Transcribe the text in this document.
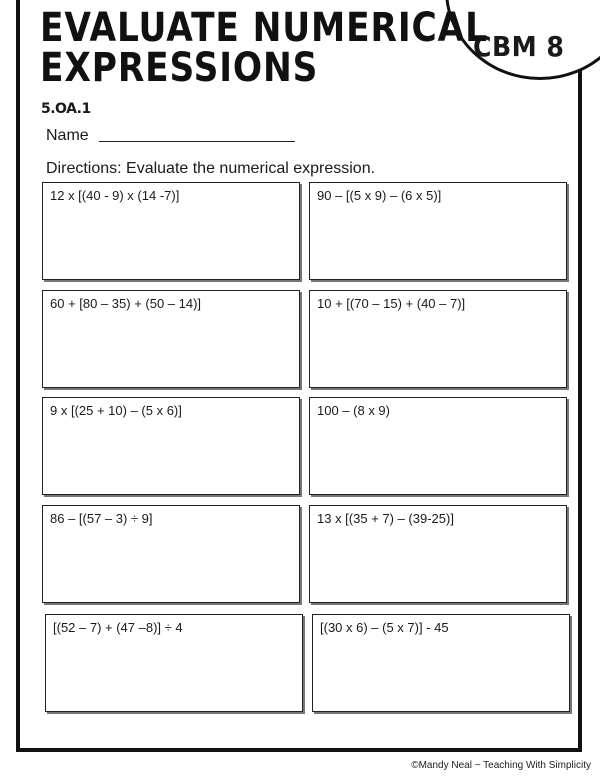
CBM 8
EVALUATE NUMERICAL
EXPRESSIONS
5.OA.1
Name
Directions: Evaluate the numerical expression.
12 x [(40 - 9) x (14 -7)]	90 – [(5 x 9) – (6 x 5)]
60 + [80 – 35) + (50 – 14)]	10 + [(70 – 15) + (40 – 7)]
9 x [(25 + 10) – (5 x 6)]	100 – (8 x 9)
86 – [(57 – 3) ÷ 9]	13 x [(35 + 7) – (39-25)]
[(52 – 7) + (47 –8)] ÷ 4	[(30 x 6) – (5 x 7)] - 45
©Mandy Neal ~ Teaching With Simplicity
